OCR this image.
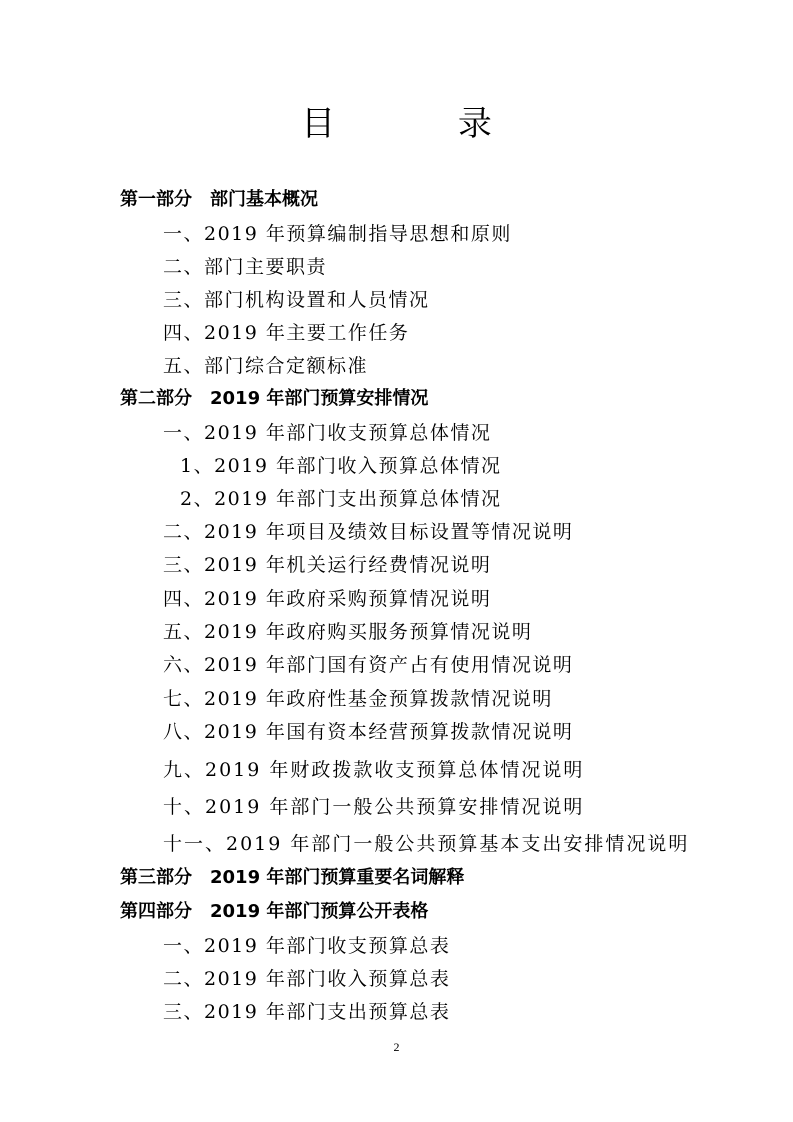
目 录
第一部分　部门基本概况
一、2019 年预算编制指导思想和原则
二、部门主要职责
三、部门机构设置和人员情况
四、2019 年主要工作任务
五、部门综合定额标准
第二部分　2019 年部门预算安排情况
一、2019 年部门收支预算总体情况
1、2019 年部门收入预算总体情况
2、2019 年部门支出预算总体情况
二、2019 年项目及绩效目标设置等情况说明
三、2019 年机关运行经费情况说明
四、2019 年政府采购预算情况说明
五、2019 年政府购买服务预算情况说明
六、2019 年部门国有资产占有使用情况说明
七、2019 年政府性基金预算拨款情况说明
八、2019 年国有资本经营预算拨款情况说明
九、2019 年财政拨款收支预算总体情况说明
十、2019 年部门一般公共预算安排情况说明
十一、2019 年部门一般公共预算基本支出安排情况说明
第三部分　2019 年部门预算重要名词解释
第四部分　2019 年部门预算公开表格
一、2019 年部门收支预算总表
二、2019 年部门收入预算总表
三、2019 年部门支出预算总表
2
